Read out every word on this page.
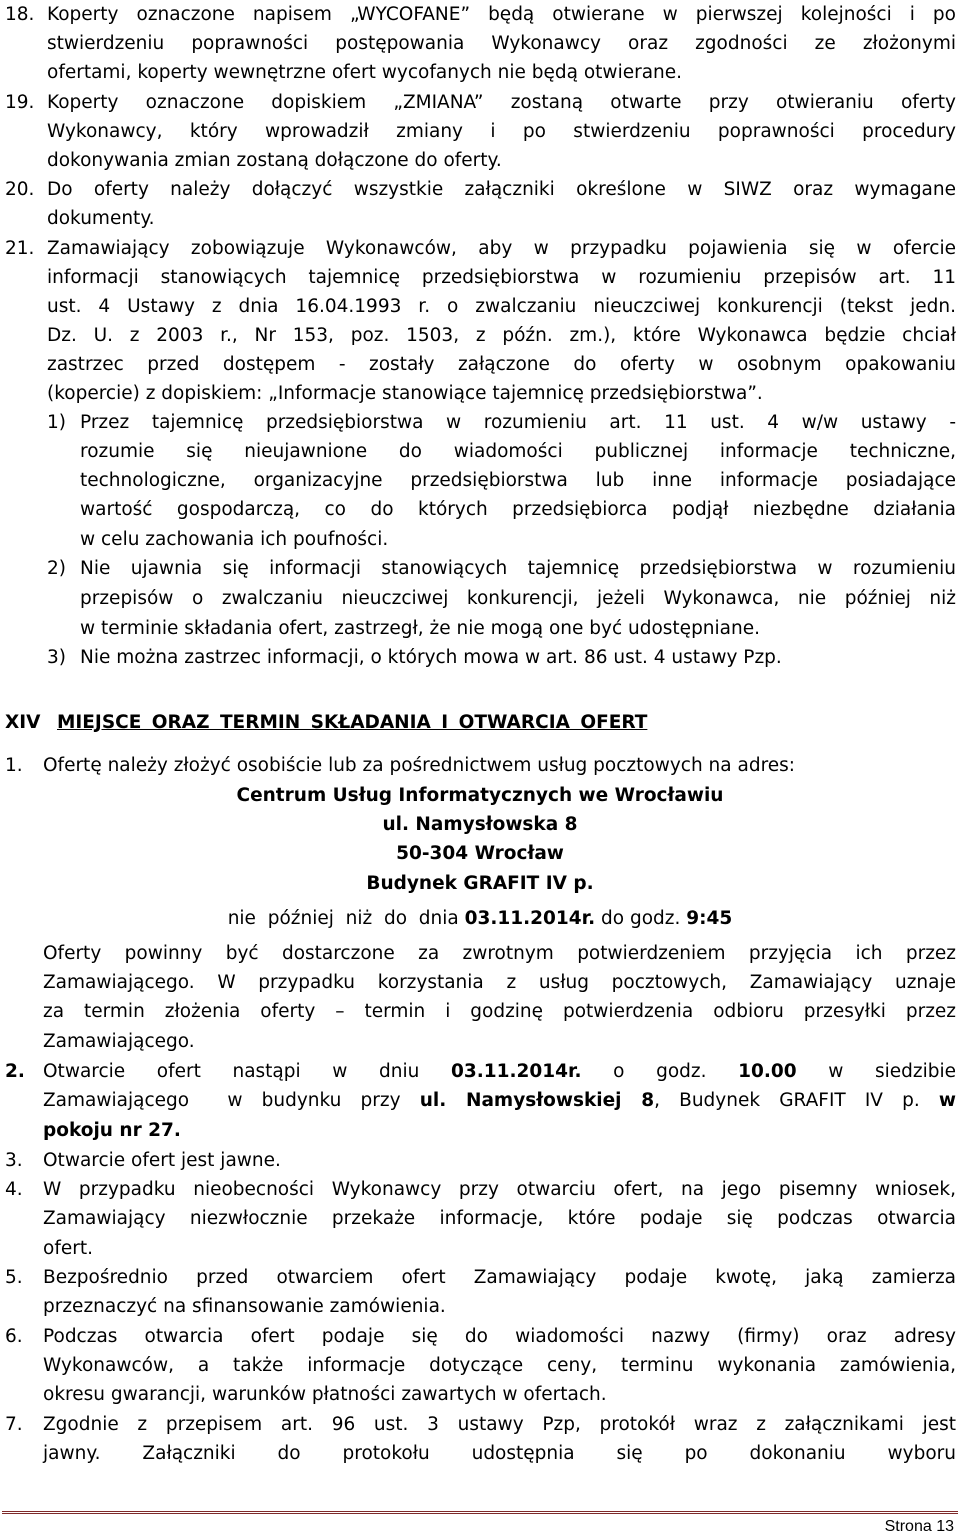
18. Koperty oznaczone napisem „WYCOFANE” będą otwierane w pierwszej kolejności i po
stwierdzeniu poprawności postępowania Wykonawcy oraz zgodności ze złożonymi
ofertami, koperty wewnętrzne ofert wycofanych nie będą otwierane.
19. Koperty oznaczone dopiskiem „ZMIANA” zostaną otwarte przy otwieraniu oferty
Wykonawcy, który wprowadził zmiany i po stwierdzeniu poprawności procedury
dokonywania zmian zostaną dołączone do oferty.
20. Do oferty należy dołączyć wszystkie załączniki określone w SIWZ oraz wymagane
dokumenty.
21. Zamawiający zobowiązuje Wykonawców, aby w przypadku pojawienia się w ofercie
informacji stanowiących tajemnicę przedsiębiorstwa w rozumieniu przepisów art. 11
ust. 4 Ustawy z dnia 16.04.1993 r. o zwalczaniu nieuczciwej konkurencji (tekst jedn.
Dz. U. z 2003 r., Nr 153, poz. 1503, z późn. zm.), które Wykonawca będzie chciał
zastrzec przed dostępem - zostały załączone do oferty w osobnym opakowaniu
(kopercie) z dopiskiem: „Informacje stanowiące tajemnicę przedsiębiorstwa”.
1) Przez tajemnicę przedsiębiorstwa w rozumieniu art. 11 ust. 4 w/w ustawy -
rozumie się nieujawnione do wiadomości publicznej informacje techniczne,
technologiczne, organizacyjne przedsiębiorstwa lub inne informacje posiadające
wartość gospodarczą, co do których przedsiębiorca podjął niezbędne działania
w celu zachowania ich poufności.
2) Nie ujawnia się informacji stanowiących tajemnicę przedsiębiorstwa w rozumieniu
przepisów o zwalczaniu nieuczciwej konkurencji, jeżeli Wykonawca, nie później niż
w terminie składania ofert, zastrzegł, że nie mogą one być udostępniane.
3) Nie można zastrzec informacji, o których mowa w art. 86 ust. 4 ustawy Pzp.
XIV MIEJSCE ORAZ TERMIN SKŁADANIA I OTWARCIA OFERT
1. Ofertę należy złożyć osobiście lub za pośrednictwem usług pocztowych na adres:
Centrum Usług Informatycznych we Wrocławiu
ul. Namysłowska 8
50-304 Wrocław
Budynek GRAFIT IV p.
nie  później  niż  do  dnia 03.11.2014r. do godz. 9:45
Oferty powinny być dostarczone za zwrotnym potwierdzeniem przyjęcia ich przez
Zamawiającego. W przypadku korzystania z usług pocztowych, Zamawiający uznaje
za termin złożenia oferty – termin i godzinę potwierdzenia odbioru przesyłki przez
Zamawiającego.
2. Otwarcie  ofert  nastąpi  w  dniu  03.11.2014r.  o  godz.  10.00  w  siedzibie
Zamawiającego  w budynku przy ul. Namysłowskiej 8, Budynek GRAFIT IV p. w
pokoju nr 27.
3. Otwarcie ofert jest jawne.
4. W przypadku nieobecności Wykonawcy przy otwarciu ofert, na jego pisemny wniosek,
Zamawiający niezwłocznie przekaże informacje, które podaje się podczas otwarcia
ofert.
5. Bezpośrednio przed otwarciem ofert Zamawiający podaje kwotę, jaką zamierza
przeznaczyć na sfinansowanie zamówienia.
6. Podczas otwarcia ofert podaje się do wiadomości nazwy (firmy) oraz adresy
Wykonawców, a także informacje dotyczące ceny, terminu wykonania zamówienia,
okresu gwarancji, warunków płatności zawartych w ofertach.
7. Zgodnie z przepisem art. 96 ust. 3 ustawy Pzp, protokół wraz z załącznikami jest
jawny.  Załączniki  do  protokołu  udostępnia  się  po  dokonaniu  wyboru
Strona 13
